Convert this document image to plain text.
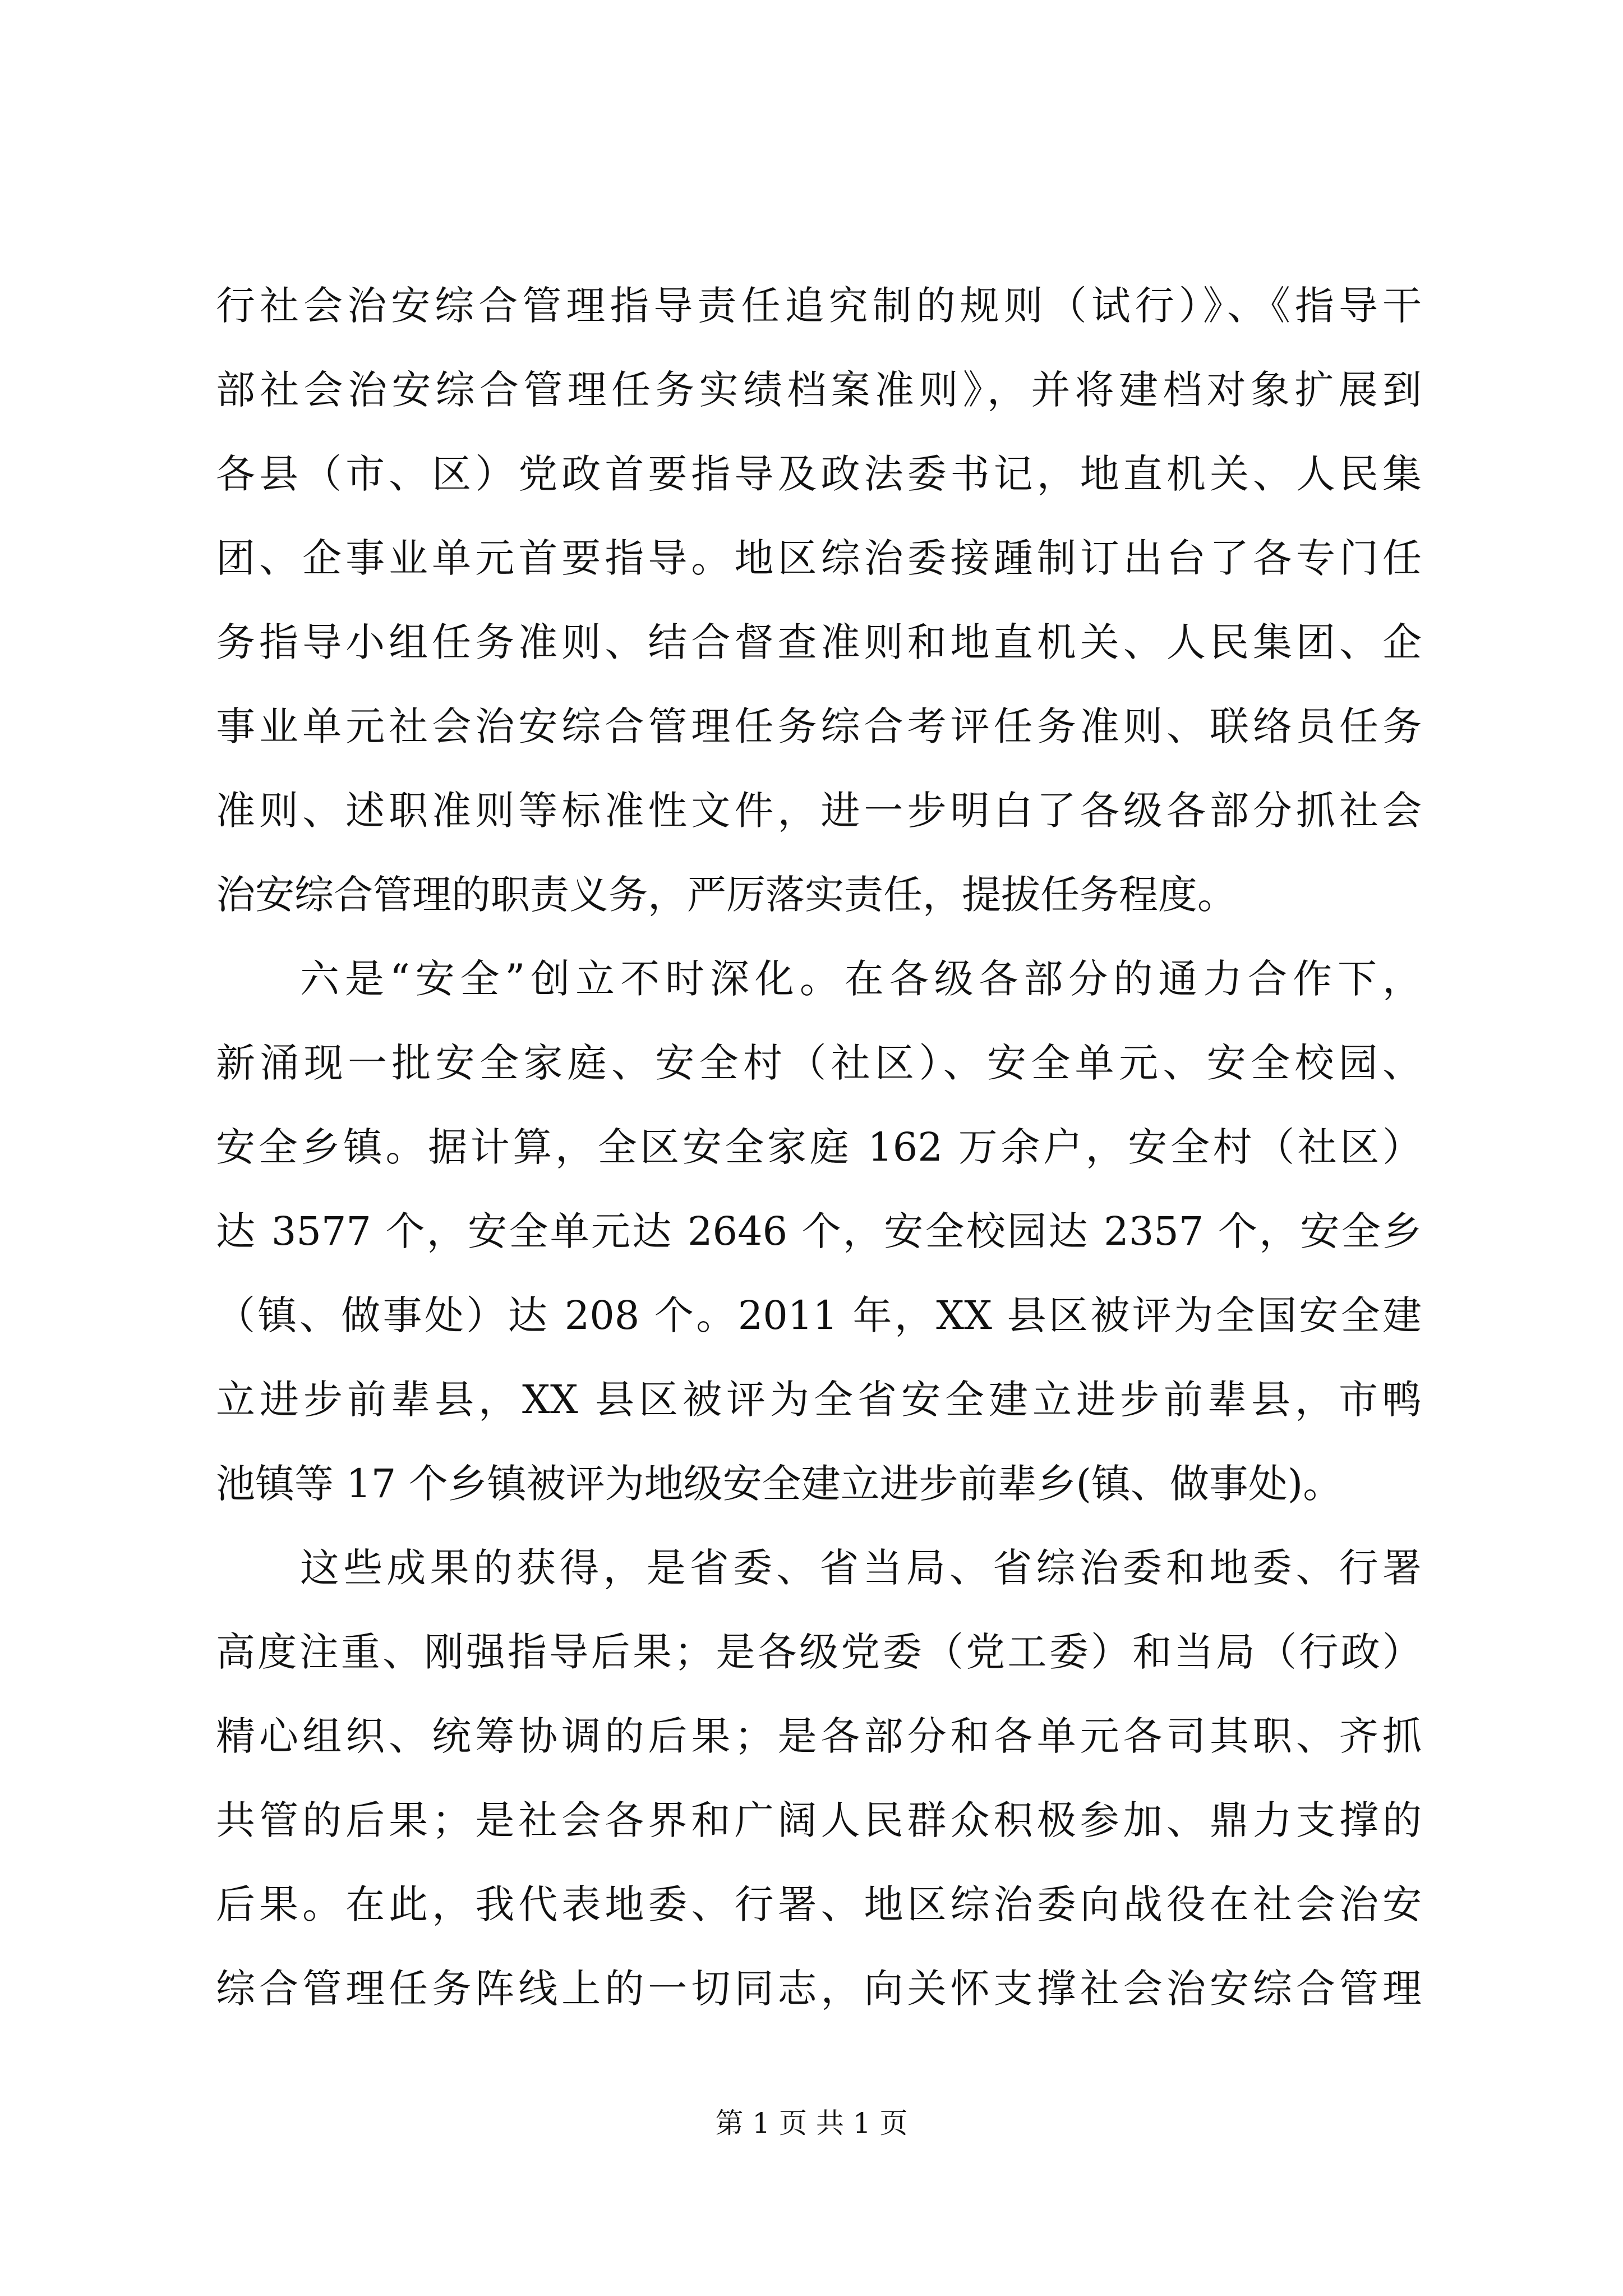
行社会治安综合管理指导责任追究制的规则（试行）》、《指导干
部社会治安综合管理任务实绩档案准则》，并将建档对象扩展到
各县（市、区）党政首要指导及政法委书记，地直机关、人民集
团、企事业单元首要指导。地区综治委接踵制订出台了各专门任
务指导小组任务准则、结合督查准则和地直机关、人民集团、企
事业单元社会治安综合管理任务综合考评任务准则、联络员任务
准则、述职准则等标准性文件，进一步明白了各级各部分抓社会
治安综合管理的职责义务，严厉落实责任，提拔任务程度。
六是“安全”创立不时深化。在各级各部分的通力合作下，
新涌现一批安全家庭、安全村（社区）、安全单元、安全校园、
安全乡镇。据计算，全区安全家庭 162 万余户，安全村（社区）
达 3577 个，安全单元达 2646 个，安全校园达 2357 个，安全乡
（镇、做事处）达 208 个。2011 年，XX 县区被评为全国安全建
立进步前辈县，XX 县区被评为全省安全建立进步前辈县，市鸭
池镇等 17 个乡镇被评为地级安全建立进步前辈乡(镇、做事处)。
这些成果的获得，是省委、省当局、省综治委和地委、行署
高度注重、刚强指导后果；是各级党委（党工委）和当局（行政）
精心组织、统筹协调的后果；是各部分和各单元各司其职、齐抓
共管的后果；是社会各界和广阔人民群众积极参加、鼎力支撑的
后果。在此，我代表地委、行署、地区综治委向战役在社会治安
综合管理任务阵线上的一切同志，向关怀支撑社会治安综合管理
第 1 页 共 1 页
